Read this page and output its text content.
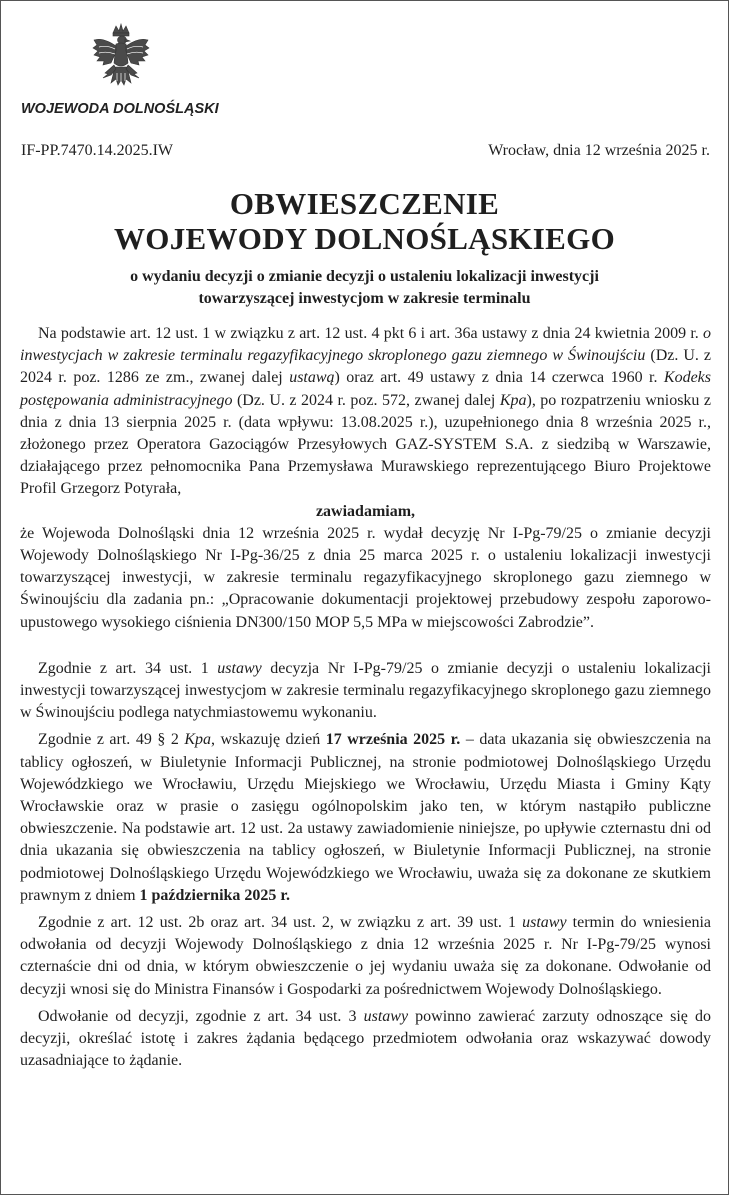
WOJEWODA DOLNOŚLĄSKI
IF-PP.7470.14.2025.IW	Wrocław, dnia 12 września 2025 r.
OBWIESZCZENIE
WOJEWODY DOLNOŚLĄSKIEGO
o wydaniu decyzji o zmianie decyzji o ustaleniu lokalizacji inwestycji
towarzyszącej inwestycjom w zakresie terminalu

Na podstawie art. 12 ust. 1 w związku z art. 12 ust. 4 pkt 6 i art. 36a ustawy z dnia 24 kwietnia 2009 r. o inwestycjach w zakresie terminalu regazyfikacyjnego skroplonego gazu ziemnego w Świnoujściu (Dz. U. z 2024 r. poz. 1286 ze zm., zwanej dalej ustawą) oraz art. 49 ustawy z dnia 14 czerwca 1960 r. Kodeks postępowania administracyjnego (Dz. U. z 2024 r. poz. 572, zwanej dalej Kpa), po rozpatrzeniu wniosku z dnia z dnia 13 sierpnia 2025 r. (data wpływu: 13.08.2025 r.), uzupełnionego dnia 8 września 2025 r., złożonego przez Operatora Gazociągów Przesyłowych GAZ-SYSTEM S.A. z siedzibą w Warszawie, działającego przez pełnomocnika Pana Przemysława Murawskiego reprezentującego Biuro Projektowe Profil Grzegorz Potyrała,

zawiadamiam,

że Wojewoda Dolnośląski dnia 12 września 2025 r. wydał decyzję Nr I-Pg-79/25 o zmianie decyzji Wojewody Dolnośląskiego Nr I-Pg-36/25 z dnia 25 marca 2025 r. o ustaleniu lokalizacji inwestycji towarzyszącej inwestycji, w zakresie terminalu regazyfikacyjnego skroplonego gazu ziemnego w Świnoujściu dla zadania pn.: „Opracowanie dokumentacji projektowej przebudowy zespołu zaporowo-upustowego wysokiego ciśnienia DN300/150 MOP 5,5 MPa w miejscowości Zabrodzie”.

Zgodnie z art. 34 ust. 1 ustawy decyzja Nr I-Pg-79/25 o zmianie decyzji o ustaleniu lokalizacji inwestycji towarzyszącej inwestycjom w zakresie terminalu regazyfikacyjnego skroplonego gazu ziemnego w Świnoujściu podlega natychmiastowemu wykonaniu.

Zgodnie z art. 49 § 2 Kpa, wskazuję dzień 17 września 2025 r. – data ukazania się obwieszczenia na tablicy ogłoszeń, w Biuletynie Informacji Publicznej, na stronie podmiotowej Dolnośląskiego Urzędu Wojewódzkiego we Wrocławiu, Urzędu Miejskiego we Wrocławiu, Urzędu Miasta i Gminy Kąty Wrocławskie oraz w prasie o zasięgu ogólnopolskim jako ten, w którym nastąpiło publiczne obwieszczenie. Na podstawie art. 12 ust. 2a ustawy zawiadomienie niniejsze, po upływie czternastu dni od dnia ukazania się obwieszczenia na tablicy ogłoszeń, w Biuletynie Informacji Publicznej, na stronie podmiotowej Dolnośląskiego Urzędu Wojewódzkiego we Wrocławiu, uważa się za dokonane ze skutkiem prawnym z dniem 1 października 2025 r.

Zgodnie z art. 12 ust. 2b oraz art. 34 ust. 2, w związku z art. 39 ust. 1 ustawy termin do wniesienia odwołania od decyzji Wojewody Dolnośląskiego z dnia 12 września 2025 r. Nr I-Pg-79/25 wynosi czternaście dni od dnia, w którym obwieszczenie o jej wydaniu uważa się za dokonane. Odwołanie od decyzji wnosi się do Ministra Finansów i Gospodarki za pośrednictwem Wojewody Dolnośląskiego.

Odwołanie od decyzji, zgodnie z art. 34 ust. 3 ustawy powinno zawierać zarzuty odnoszące się do decyzji, określać istotę i zakres żądania będącego przedmiotem odwołania oraz wskazywać dowody uzasadniające to żądanie.
